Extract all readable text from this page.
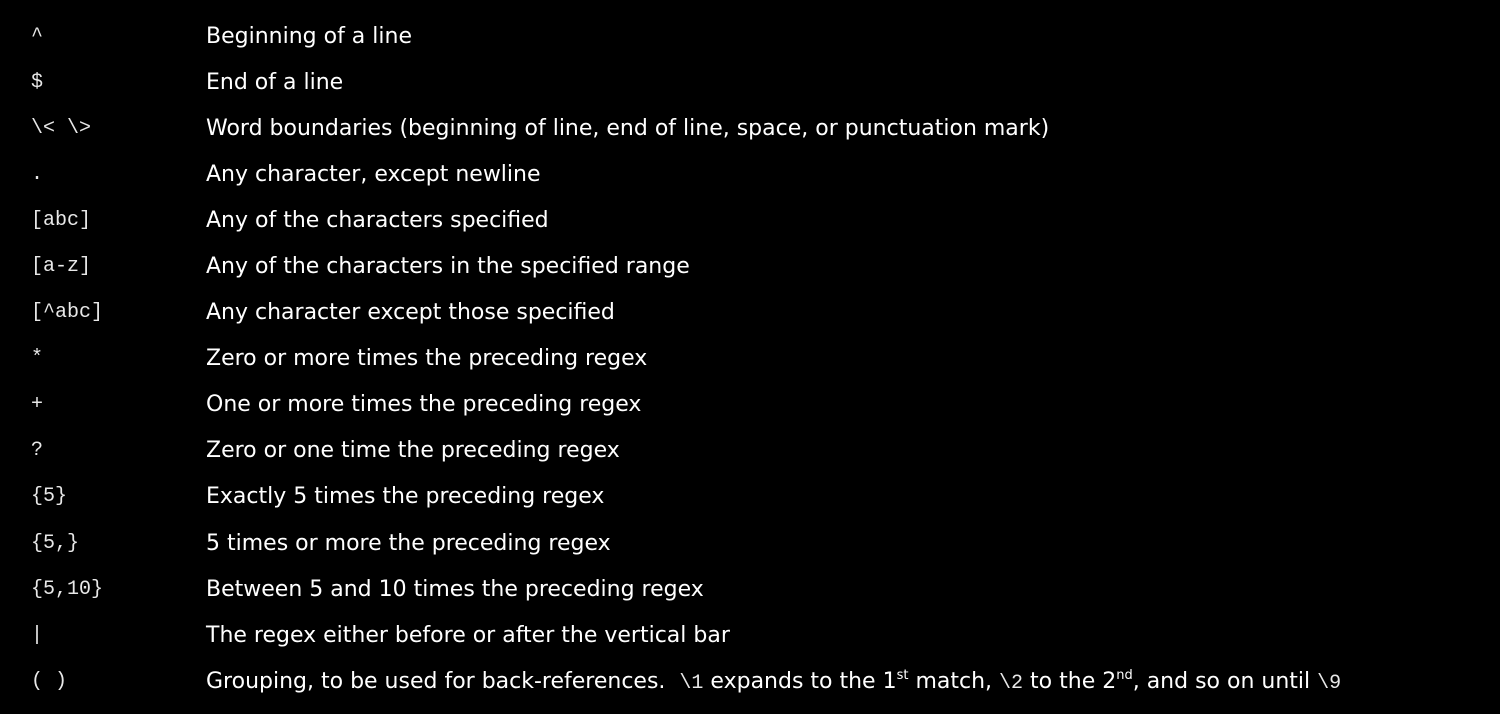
^	Beginning of a line
$	End of a line
\< \>	Word boundaries (beginning of line, end of line, space, or punctuation mark)
.	Any character, except newline
[abc]	Any of the characters specified
[a-z]	Any of the characters in the specified range
[^abc]	Any character except those specified
*	Zero or more times the preceding regex
+	One or more times the preceding regex
?	Zero or one time the preceding regex
{5}	Exactly 5 times the preceding regex
{5,}	5 times or more the preceding regex
{5,10}	Between 5 and 10 times the preceding regex
|	The regex either before or after the vertical bar
( )	Grouping, to be used for back-references.  \1 expands to the 1st match, \2 to the 2nd, and so on until \9
